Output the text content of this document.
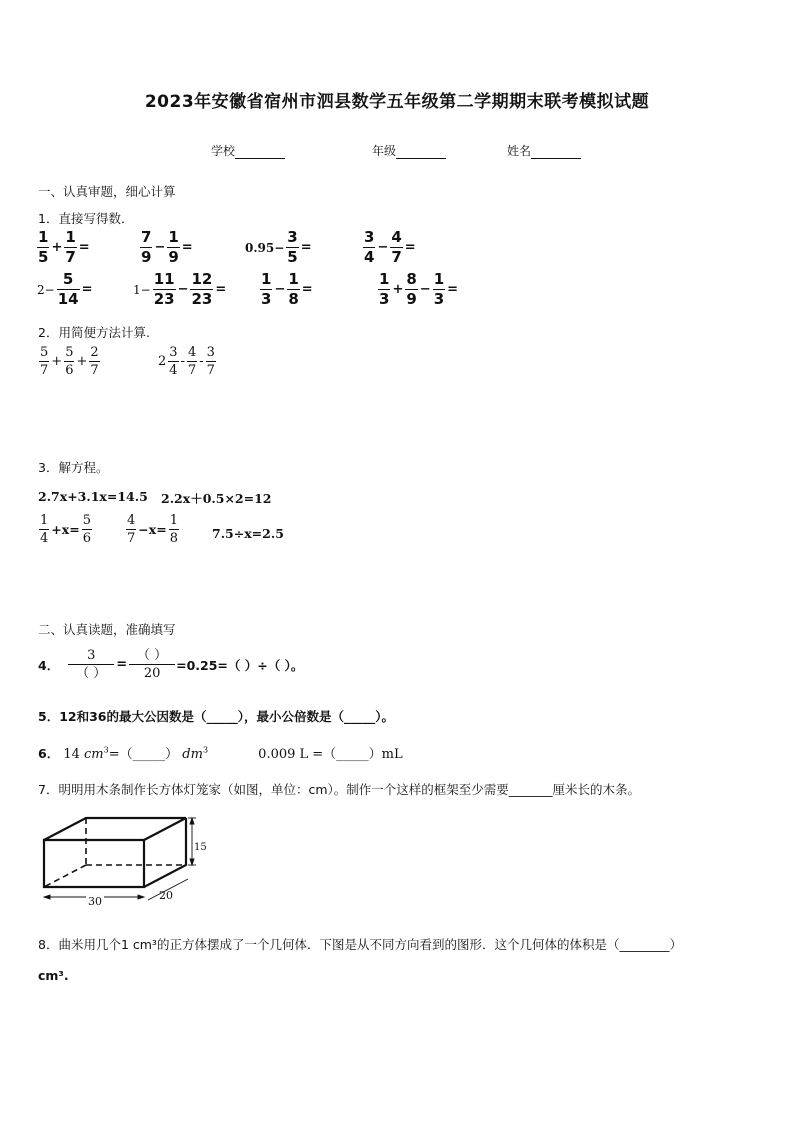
2023年安徽省宿州市泗县数学五年级第二学期期末联考模拟试题
学校	年级	姓名
一、认真审题，细心计算
1．直接写得数．
$\frac{1}{5} + \frac{1}{7}$ =	$\frac{7}{9} - \frac{1}{9}$ =	$0.95- \frac{3}{5}$ =	$\frac{3}{4} - \frac{4}{7}$ =
$2- \frac{5}{14}$ =	$1- \frac{11}{23} - \frac{12}{23} = \frac{1}{3} - \frac{1}{8}$ =	$\frac{1}{3} + \frac{8}{9} - \frac{1}{3}$ =
2．用简便方法计算.
$\frac{5}{7} + \frac{5}{6} + \frac{2}{7}$	$2 \frac{3}{4} - \frac{4}{7} - \frac{3}{7}$
3．解方程。
2.7x+3.1x=14.5 2.2x＋0.5×2=12
$\frac{1}{4} +x= \frac{5}{6}$	$\frac{4}{7} -x= \frac{1}{8}$	7.5÷x=2.5
二、认真读题，准确填写
4． $\frac{3}{( )} = \frac{( )}{20} =0.25=$（ ）÷（ ）。
5．12和36的最大公因数是（_____），最小公倍数是（_____）。
6． 14 $cm^3=(\_\_\_\_\_)$ $dm^3$	0.009 L =（_____）mL
7．明明用木条制作长方体灯笼家（如图，单位：cm）。制作一个这样的框架至少需要_______厘米长的木条。
30	20
15
8．曲米用几个1 cm³的正方体摆成了一个几何体．下图是从不同方向看到的图形．这个几何体的体积是（________）
cm³.
